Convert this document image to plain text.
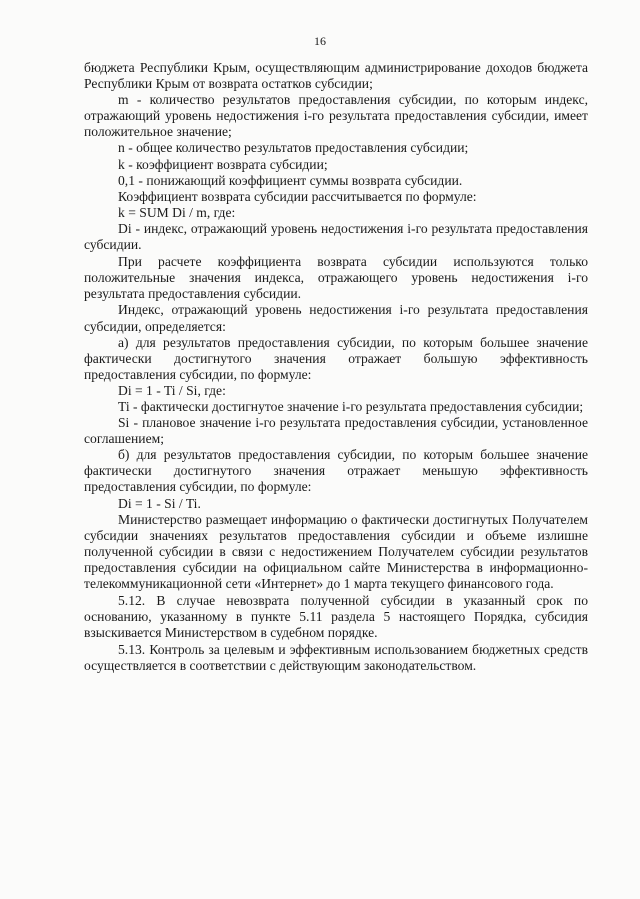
16

бюджета Республики Крым, осуществляющим администрирование доходов бюджета Республики Крым от возврата остатков субсидии;

m - количество результатов предоставления субсидии, по которым индекс, отражающий уровень недостижения i-го результата предоставления субсидии, имеет положительное значение;

n - общее количество результатов предоставления субсидии;

k - коэффициент возврата субсидии;

0,1 - понижающий коэффициент суммы возврата субсидии.

Коэффициент возврата субсидии рассчитывается по формуле:

k = SUM Di / m, где:

Di - индекс, отражающий уровень недостижения i-го результата предоставления субсидии.

При расчете коэффициента возврата субсидии используются только положительные значения индекса, отражающего уровень недостижения i-го результата предоставления субсидии.

Индекс, отражающий уровень недостижения i-го результата предоставления субсидии, определяется:

а) для результатов предоставления субсидии, по которым большее значение фактически достигнутого значения отражает большую эффективность предоставления субсидии, по формуле:

Di = 1 - Ti / Si, где:

Ti - фактически достигнутое значение i-го результата предоставления субсидии;

Si - плановое значение i-го результата предоставления субсидии, установленное соглашением;

б) для результатов предоставления субсидии, по которым большее значение фактически достигнутого значения отражает меньшую эффективность предоставления субсидии, по формуле:

Di = 1 - Si / Ti.

Министерство размещает информацию о фактически достигнутых Получателем субсидии значениях результатов предоставления субсидии и объеме излишне полученной субсидии в связи с недостижением Получателем субсидии результатов предоставления субсидии на официальном сайте Министерства в информационно-телекоммуникационной сети «Интернет» до 1 марта текущего финансового года.

5.12. В случае невозврата полученной субсидии в указанный срок по основанию, указанному в пункте 5.11 раздела 5 настоящего Порядка, субсидия взыскивается Министерством в судебном порядке.

5.13. Контроль за целевым и эффективным использованием бюджетных средств осуществляется в соответствии с действующим законодательством.
